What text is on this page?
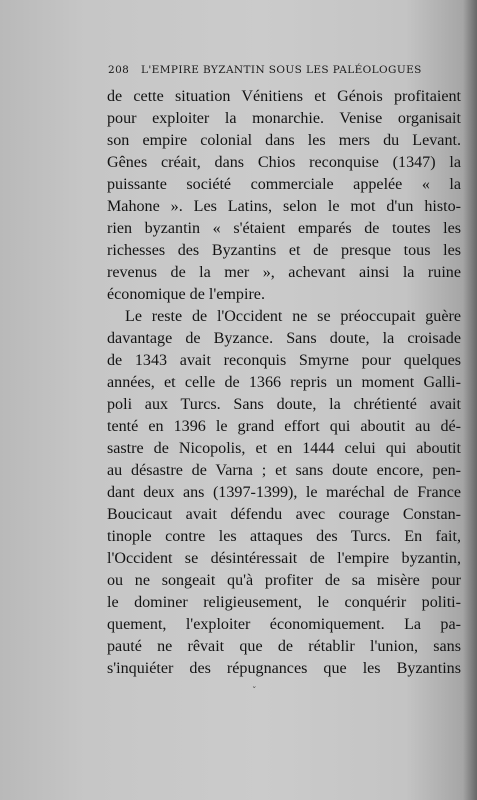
208 L'EMPIRE BYZANTIN SOUS LES PALÉOLOGUES
de cette situation Vénitiens et Génois profitaient
pour exploiter la monarchie. Venise organisait
son empire colonial dans les mers du Levant.
Gênes créait, dans Chios reconquise (1347) la
puissante société commerciale appelée « la
Mahone ». Les Latins, selon le mot d'un histo-
rien byzantin « s'étaient emparés de toutes les
richesses des Byzantins et de presque tous les
revenus de la mer », achevant ainsi la ruine
économique de l'empire.
Le reste de l'Occident ne se préoccupait guère
davantage de Byzance. Sans doute, la croisade
de 1343 avait reconquis Smyrne pour quelques
années, et celle de 1366 repris un moment Galli-
poli aux Turcs. Sans doute, la chrétienté avait
tenté en 1396 le grand effort qui aboutit au dé-
sastre de Nicopolis, et en 1444 celui qui aboutit
au désastre de Varna ; et sans doute encore, pen-
dant deux ans (1397-1399), le maréchal de France
Boucicaut avait défendu avec courage Constan-
tinople contre les attaques des Turcs. En fait,
l'Occident se désintéressait de l'empire byzantin,
ou ne songeait qu'à profiter de sa misère pour
le dominer religieusement, le conquérir politi-
quement, l'exploiter économiquement. La pa-
pauté ne rêvait que de rétablir l'union, sans
s'inquiéter des répugnances que les Byzantins
ˇ
